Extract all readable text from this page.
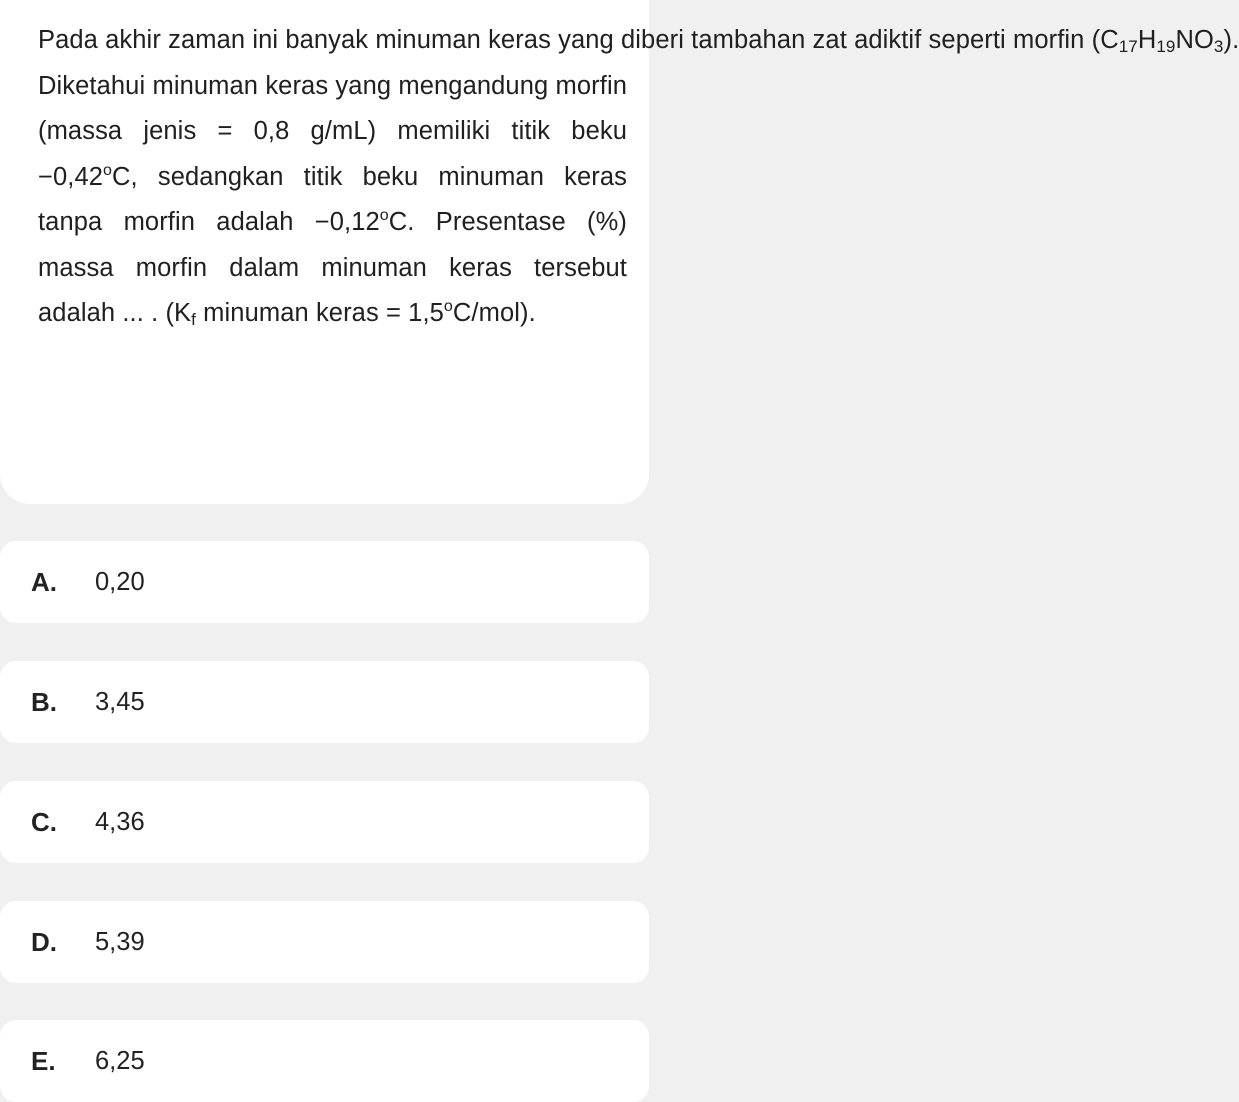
Pada akhir zaman ini banyak minuman keras yang diberi tambahan zat adiktif seperti morfin $(C_{17}H_{19}NO_3)$. Diketahui minuman keras yang mengandung morfin (massa jenis = 0,8 g/mL) memiliki titik beku $-0,42^oC$, sedangkan titik beku minuman keras tanpa morfin adalah $-0,12^oC$. Presentase (%) massa morfin dalam minuman keras tersebut adalah ... . ($K_f$ minuman keras = $1,5^oC/mol$).

A.	0,20
B.	3,45
C.	4,36
D.	5,39
E.	6,25
